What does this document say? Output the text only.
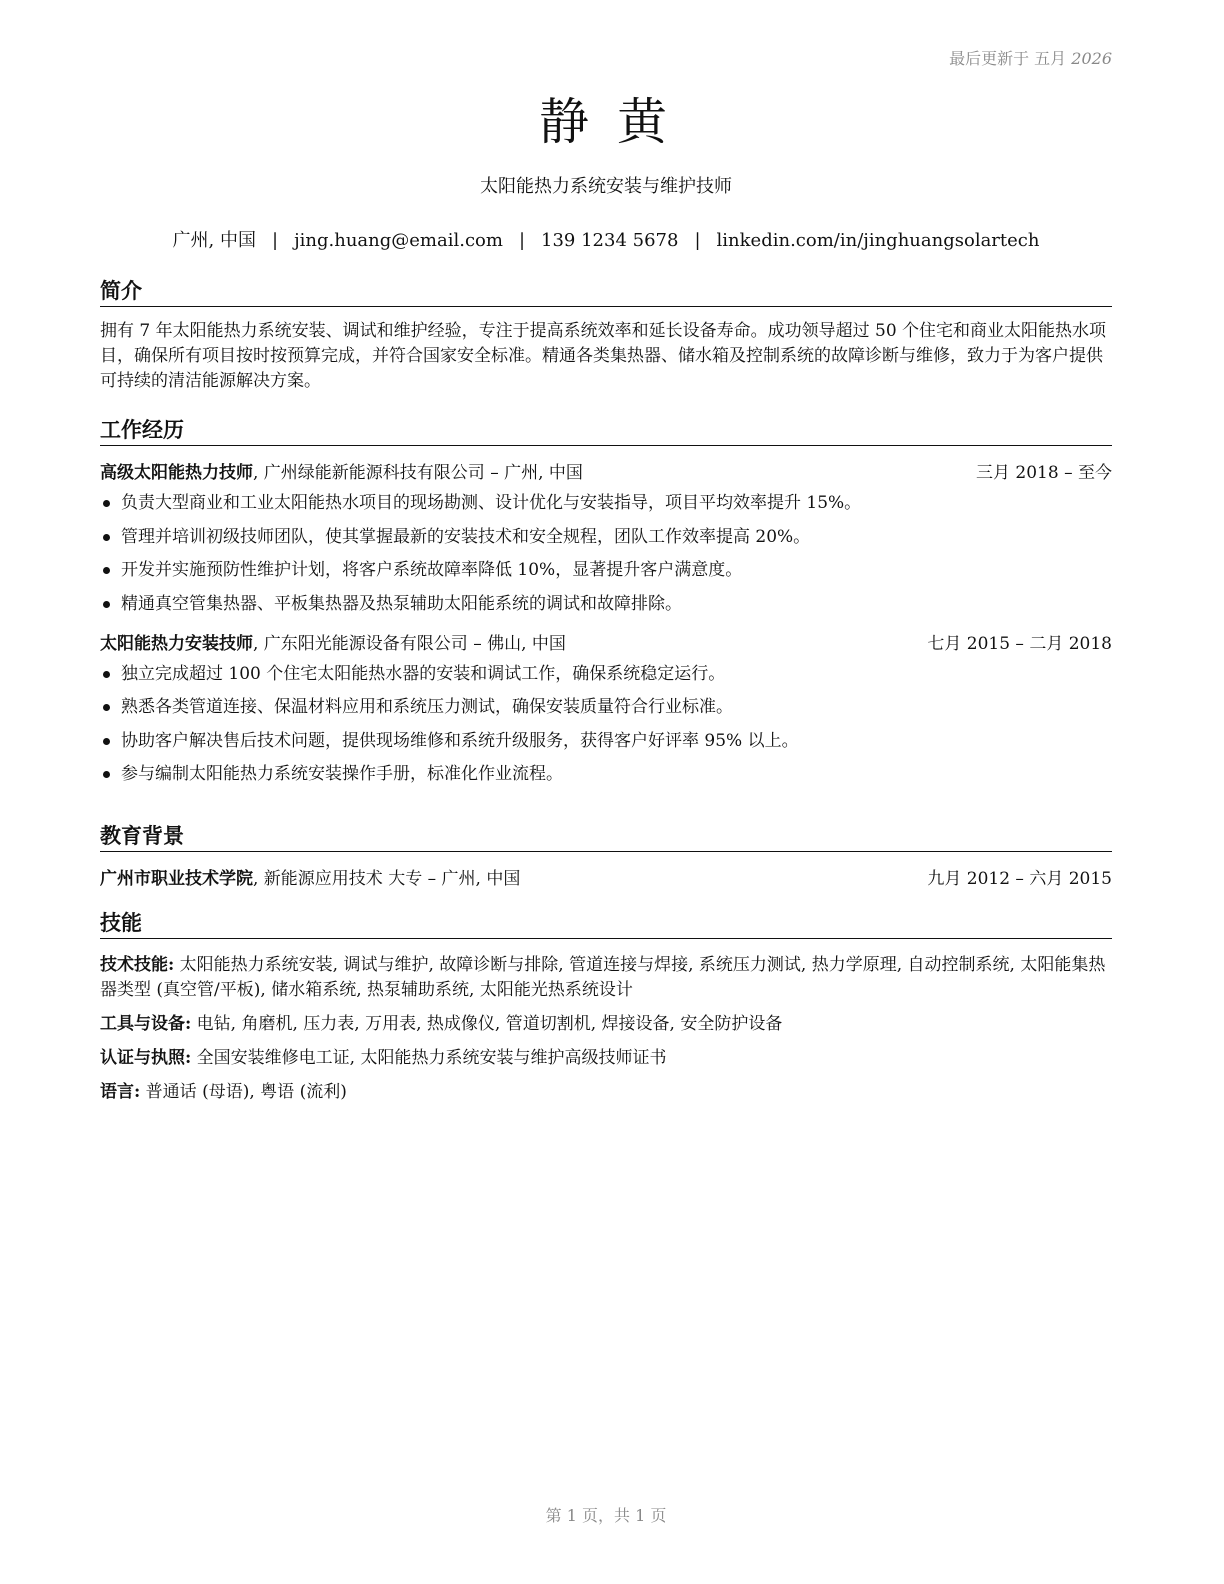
最后更新于 五月 2026
静 黄
太阳能热力系统安装与维护技师
广州, 中国 | jing.huang@email.com | 139 1234 5678 | linkedin.com/in/jinghuangsolartech
简介
拥有 7 年太阳能热力系统安装、调试和维护经验，专注于提高系统效率和延长设备寿命。成功领导超过 50 个住宅和商业太阳能热水项目，确保所有项目按时按预算完成，并符合国家安全标准。精通各类集热器、储水箱及控制系统的故障诊断与维修，致力于为客户提供可持续的清洁能源解决方案。
工作经历
高级太阳能热力技师, 广州绿能新能源科技有限公司 – 广州, 中国	三月 2018 – 至今
负责大型商业和工业太阳能热水项目的现场勘测、设计优化与安装指导，项目平均效率提升 15%。
管理并培训初级技师团队，使其掌握最新的安装技术和安全规程，团队工作效率提高 20%。
开发并实施预防性维护计划，将客户系统故障率降低 10%，显著提升客户满意度。
精通真空管集热器、平板集热器及热泵辅助太阳能系统的调试和故障排除。
太阳能热力安装技师, 广东阳光能源设备有限公司 – 佛山, 中国	七月 2015 – 二月 2018
独立完成超过 100 个住宅太阳能热水器的安装和调试工作，确保系统稳定运行。
熟悉各类管道连接、保温材料应用和系统压力测试，确保安装质量符合行业标准。
协助客户解决售后技术问题，提供现场维修和系统升级服务，获得客户好评率 95% 以上。
参与编制太阳能热力系统安装操作手册，标准化作业流程。
教育背景
广州市职业技术学院, 新能源应用技术 大专 – 广州, 中国	九月 2012 – 六月 2015
技能
技术技能: 太阳能热力系统安装, 调试与维护, 故障诊断与排除, 管道连接与焊接, 系统压力测试, 热力学原理, 自动控制系统, 太阳能集热器类型 (真空管/平板), 储水箱系统, 热泵辅助系统, 太阳能光热系统设计
工具与设备: 电钻, 角磨机, 压力表, 万用表, 热成像仪, 管道切割机, 焊接设备, 安全防护设备
认证与执照: 全国安装维修电工证, 太阳能热力系统安装与维护高级技师证书
语言: 普通话 (母语), 粤语 (流利)
第 1 页，共 1 页
